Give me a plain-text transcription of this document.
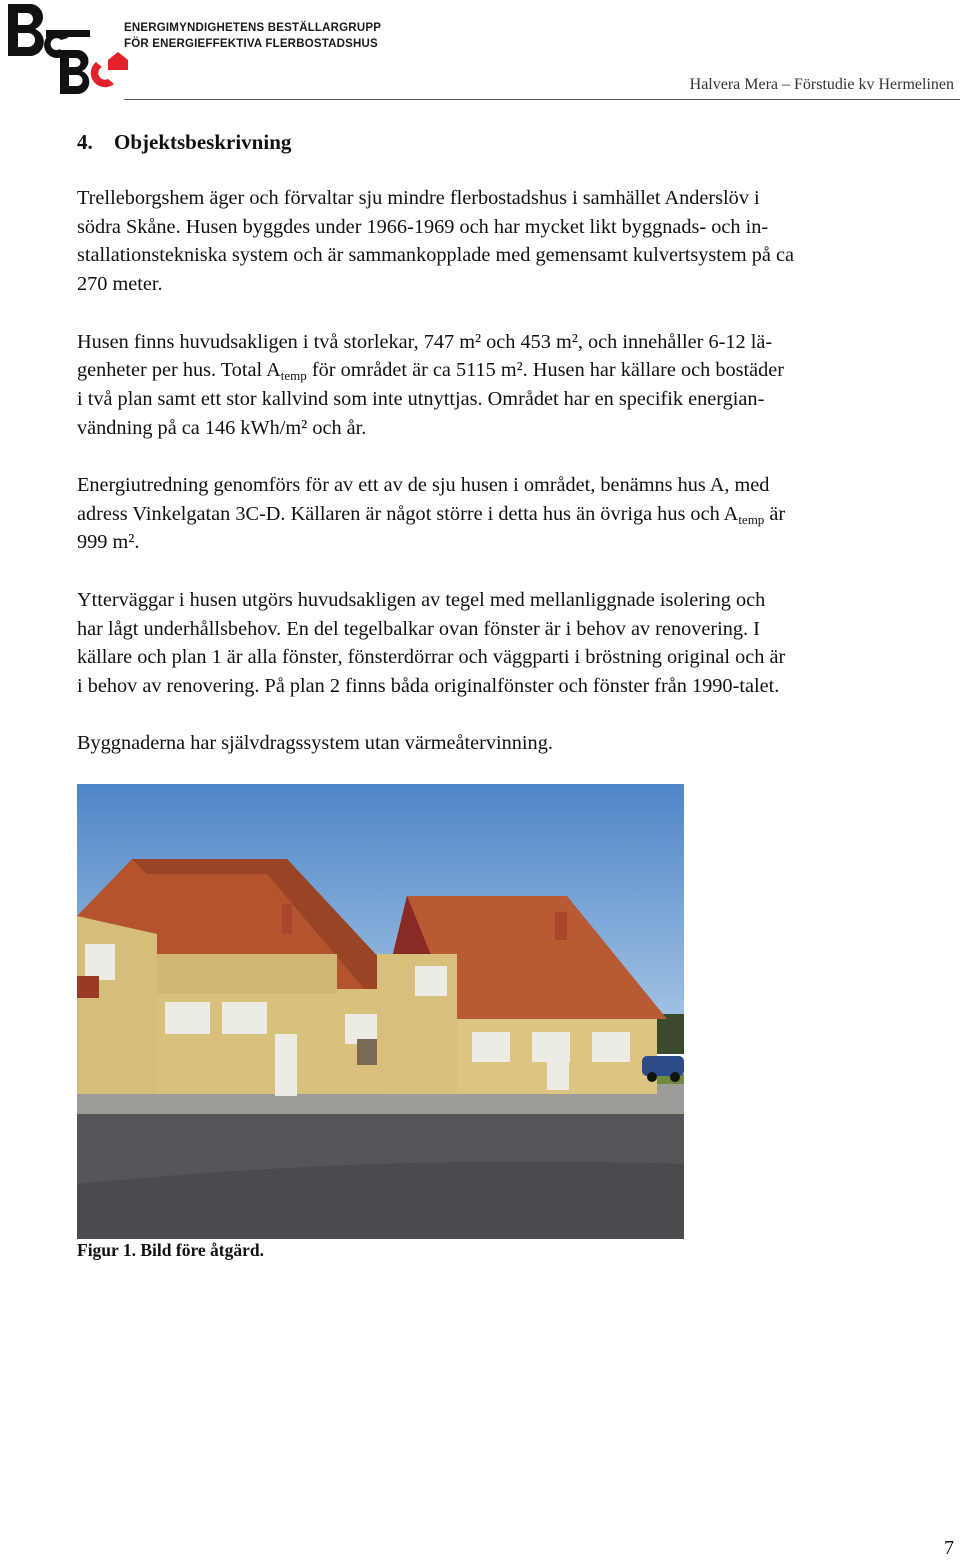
BeBo
ENERGIMYNDIGHETENS BESTÄLLARGRUPP
FÖR ENERGIEFFEKTIVA FLERBOSTADSHUS
Halvera Mera – Förstudie kv Hermelinen
4. Objektsbeskrivning

Trelleborgshem äger och förvaltar sju mindre flerbostadshus i samhället Anderslöv i
södra Skåne. Husen byggdes under 1966-1969 och har mycket likt byggnads- och in-
stallationstekniska system och är sammankopplade med gemensamt kulvertsystem på ca
270 meter.

Husen finns huvudsakligen i två storlekar, 747 m² och 453 m², och innehåller 6-12 lä-
genheter per hus. Total $A_{temp}$ för området är ca 5115 m². Husen har källare och bostäder
i två plan samt ett stor kallvind som inte utnyttjas. Området har en specifik energian-
vändning på ca 146 kWh/m² och år.

Energiutredning genomförs för av ett av de sju husen i området, benämns hus A, med
adress Vinkelgatan 3C-D. Källaren är något större i detta hus än övriga hus och $A_{temp}$ är
999 m².

Ytterväggar i husen utgörs huvudsakligen av tegel med mellanliggnade isolering och
har lågt underhållsbehov. En del tegelbalkar ovan fönster är i behov av renovering. I
källare och plan 1 är alla fönster, fönsterdörrar och väggparti i bröstning original och är
i behov av renovering. På plan 2 finns båda originalfönster och fönster från 1990-talet.

Byggnaderna har självdragssystem utan värmeåtervinning.

Figur 1. Bild före åtgärd.
7
